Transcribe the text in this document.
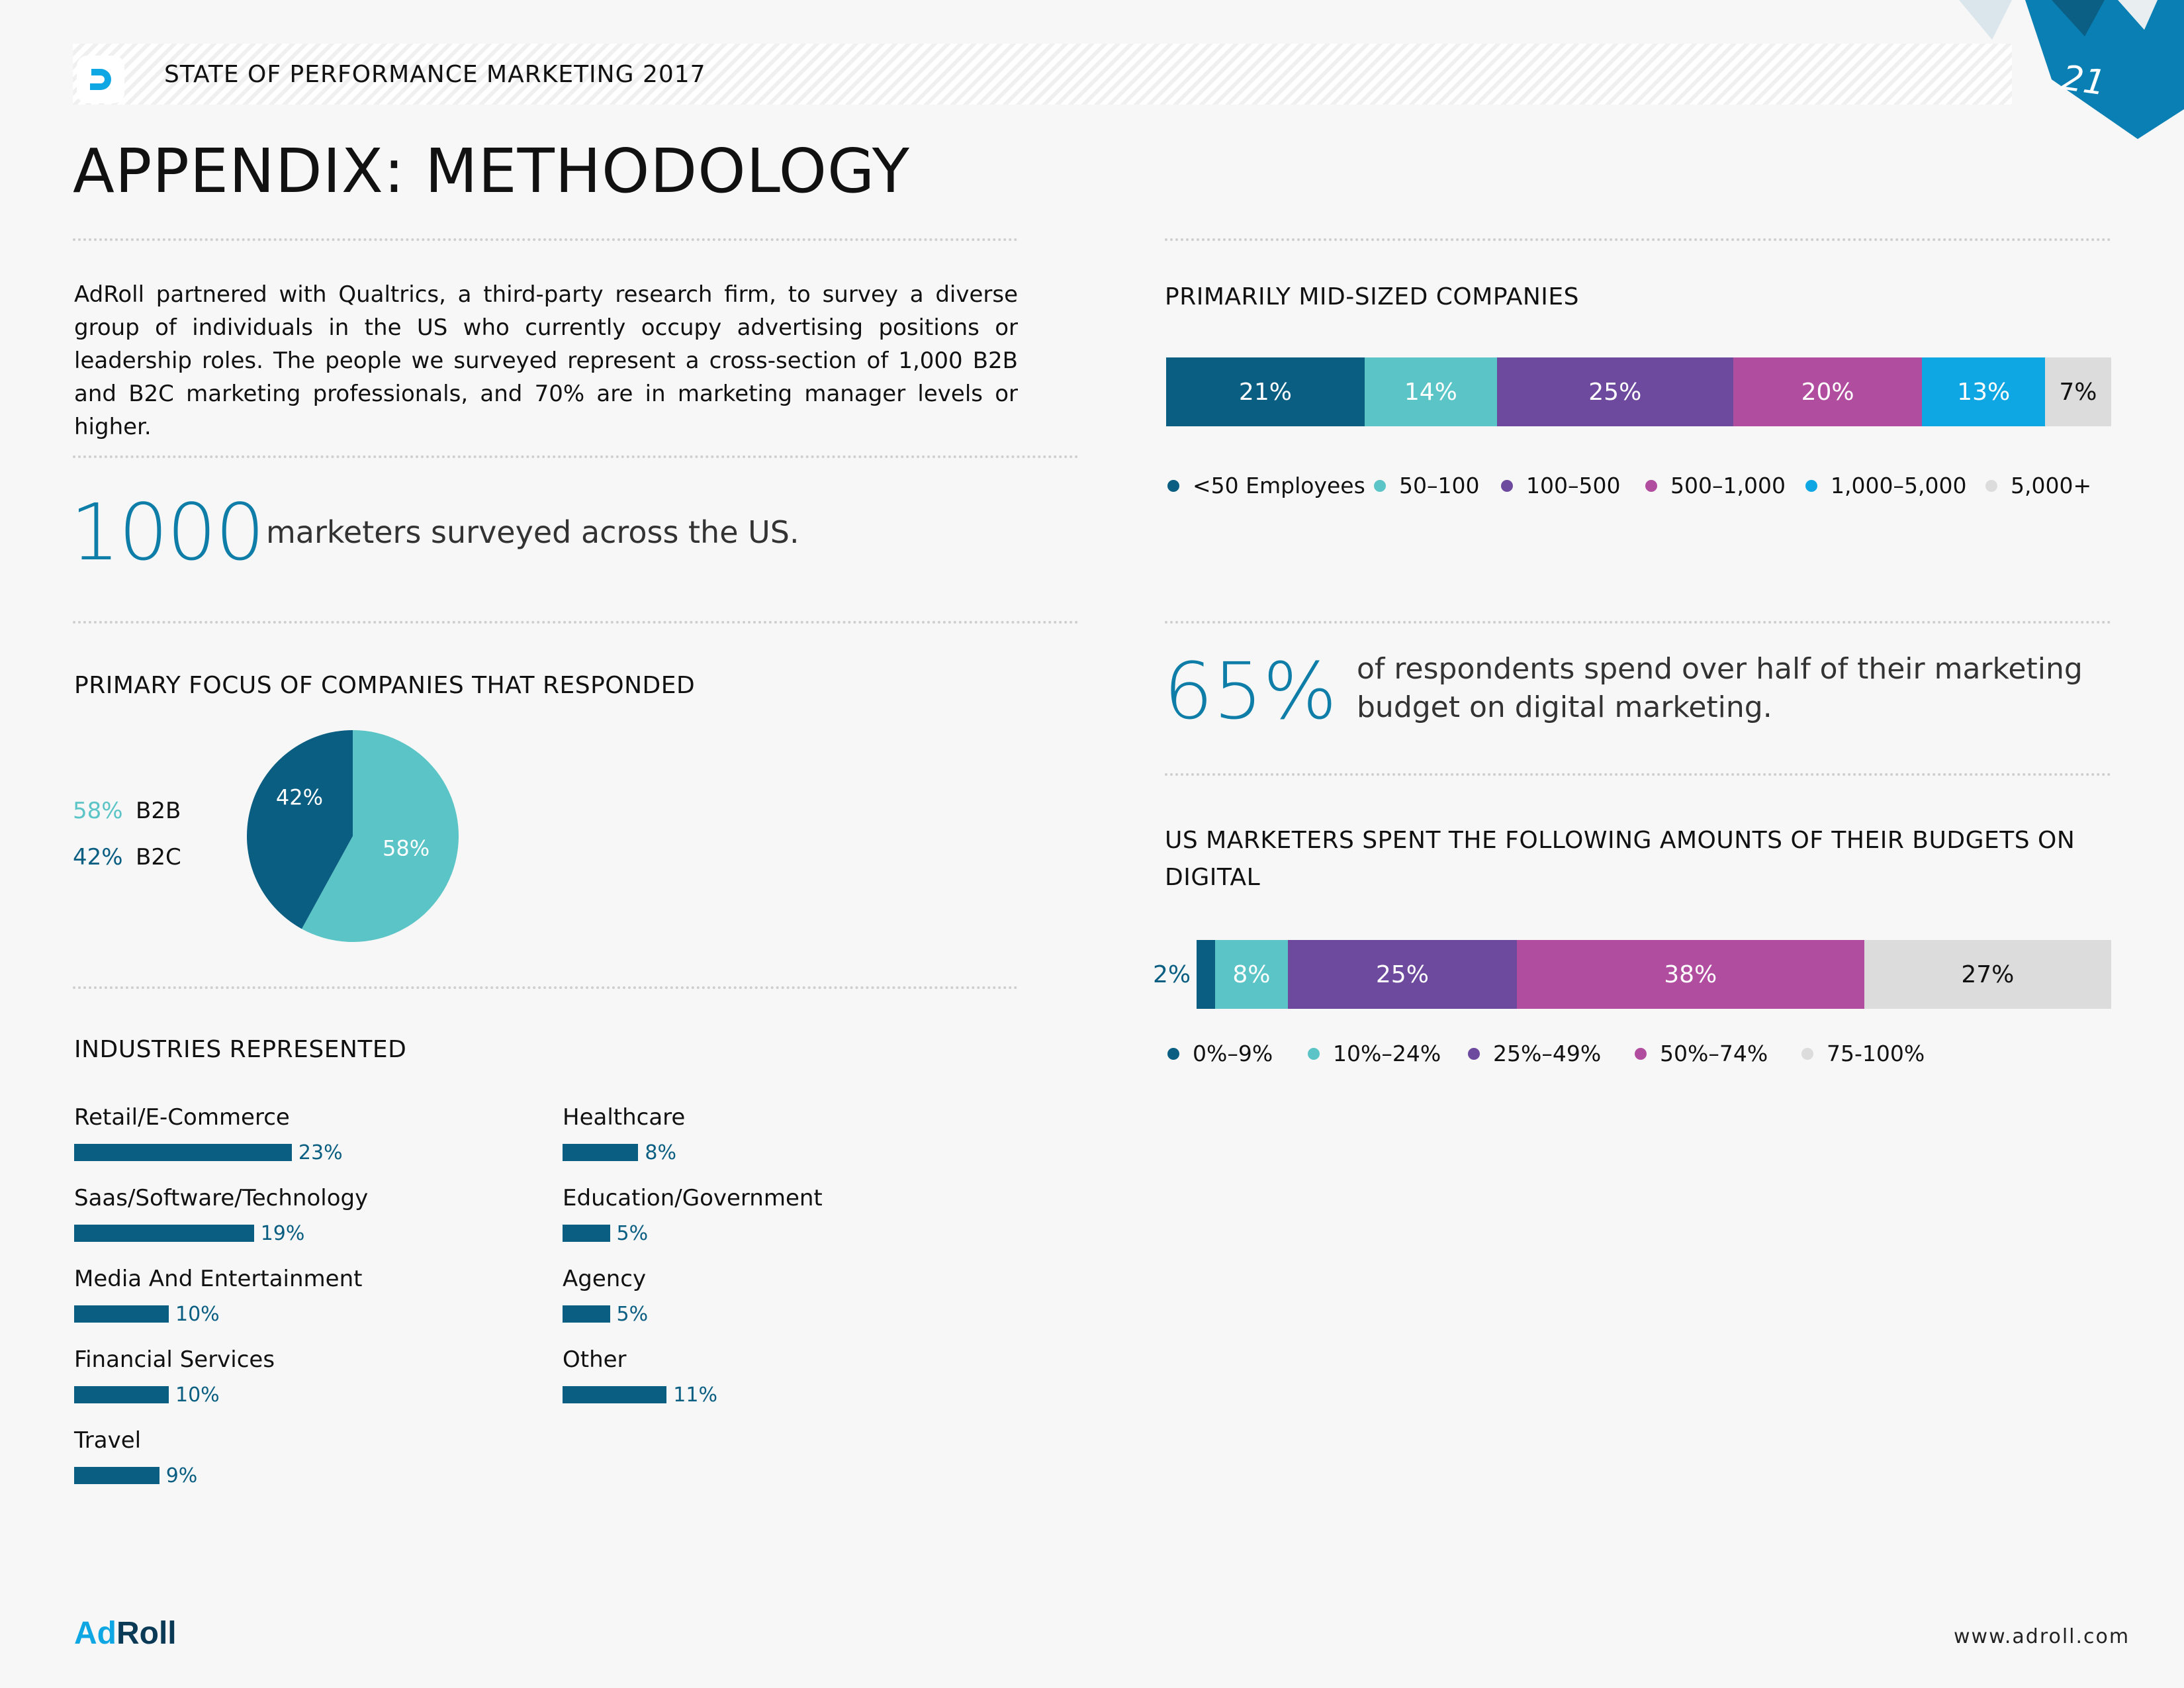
STATE OF PERFORMANCE MARKETING 2017	21
APPENDIX: METHODOLOGY
AdRoll partnered with Qualtrics, a third-party research firm, to survey a diverse group of individuals in the US who currently occupy advertising positions or leadership roles. The people we surveyed represent a cross-section of 1,000 B2B and B2C marketing professionals, and 70% are in marketing manager levels or higher.
1000 marketers surveyed across the US.
PRIMARY FOCUS OF COMPANIES THAT RESPONDED
58% B2B
42% B2C	58%
42%
INDUSTRIES REPRESENTED
Retail/E-Commerce
23%
Saas/Software/Technology
19%
Media And Entertainment
10%
Financial Services
10%
Travel
9%
Healthcare
8%
Education/Government
5%
Agency
5%
Other
11%
PRIMARILY MID-SIZED COMPANIES
21%	14%	25%	20%	13% 7%
<50 Employees 50–100 100–500 500–1,000 1,000–5,000 5,000+
65% of respondents spend over half of their marketing budget on digital marketing.
US MARKETERS SPENT THE FOLLOWING AMOUNTS OF THEIR BUDGETS ON DIGITAL
2% 8%	25%	38%	27%
0%–9%	10%–24% 25%–49%	50%–74%	75-100%
AdRoll	www.adroll.com
